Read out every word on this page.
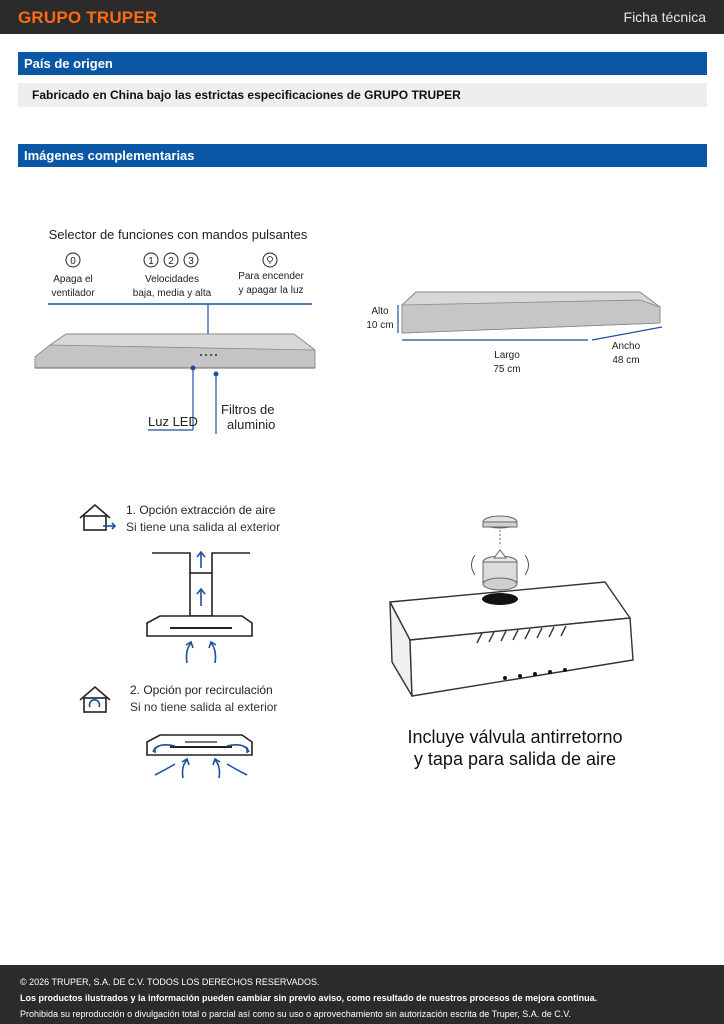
GRUPO TRUPER	Ficha técnica
País de origen
Fabricado en China bajo las estrictas especificaciones de GRUPO TRUPER
Imágenes complementarias
Selector de funciones con mandos pulsantes
0	1 2 3
Apaga el
ventilador
Velocidades
baja, media y alta
Para encender
y apagar la luz
Luz LED
Filtros de
aluminio
Alto
10 cm
Largo
75 cm
Ancho
48 cm
1. Opción extracción de aire
Si tiene una salida al exterior
2. Opción por recirculación
Si no tiene salida al exterior
Incluye válvula antirretorno
y tapa para salida de aire
© 2026 TRUPER, S.A. DE C.V. TODOS LOS DERECHOS RESERVADOS.
Los productos ilustrados y la información pueden cambiar sin previo aviso, como resultado de nuestros procesos de mejora continua.
Prohibida su reproducción o divulgación total o parcial así como su uso o aprovechamiento sin autorización escrita de Truper, S.A. de C.V.
